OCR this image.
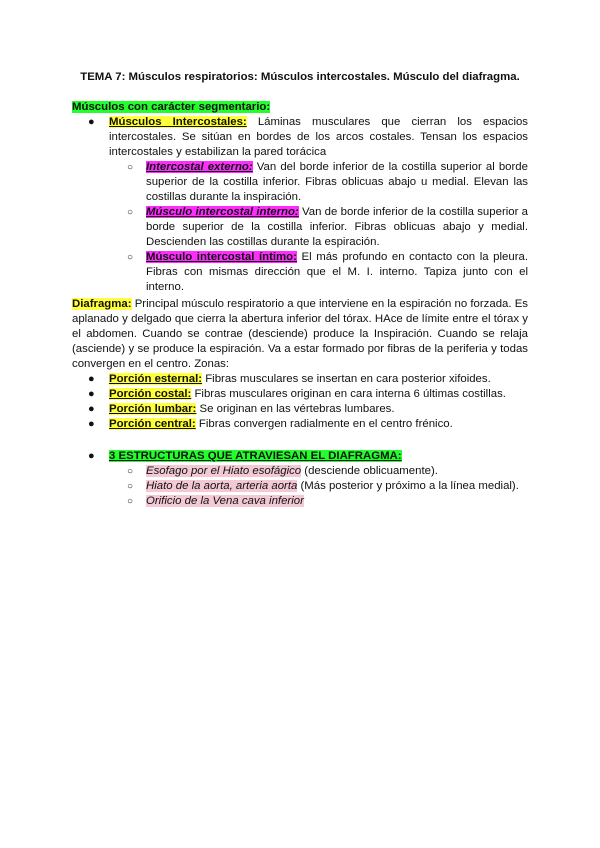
TEMA 7: Músculos respiratorios: Músculos intercostales. Músculo del diafragma.

Músculos con carácter segmentario:

● Músculos Intercostales: Láminas musculares que cierran los espacios intercostales. Se sitúan en bordes de los arcos costales. Tensan los espacios intercostales y estabilizan la pared torácica
○ Intercostal externo: Van del borde inferior de la costilla superior al borde superior de la costilla inferior. Fibras oblicuas abajo u medial. Elevan las costillas durante la inspiración.
○ Músculo intercostal interno: Van de borde inferior de la costilla superior a borde superior de la costilla inferior. Fibras oblicuas abajo y medial. Descienden las costillas durante la espiración.
○ Músculo intercostal íntimo: El más profundo en contacto con la pleura. Fibras con mismas dirección que el M. I. interno. Tapiza junto con el interno.

Diafragma: Principal músculo respiratorio a que interviene en la espiración no forzada. Es aplanado y delgado que cierra la abertura inferior del tórax. HAce de límite entre el tórax y el abdomen. Cuando se contrae (desciende) produce la Inspiración. Cuando se relaja (asciende) y se produce la espiración. Va a estar formado por fibras de la periferia y todas convergen en el centro. Zonas:

● Porción esternal: Fibras musculares se insertan en cara posterior xifoides.
● Porción costal: Fibras musculares originan en cara interna 6 últimas costillas.
● Porción lumbar: Se originan en las vértebras lumbares.
● Porción central: Fibras convergen radialmente en el centro frénico.
● 3 ESTRUCTURAS QUE ATRAVIESAN EL DIAFRAGMA:
○ Esofago por el Hiato esofágico (desciende oblicuamente).
○ Hiato de la aorta, arteria aorta (Más posterior y próximo a la línea medial).
○ Orificio de la Vena cava inferior
